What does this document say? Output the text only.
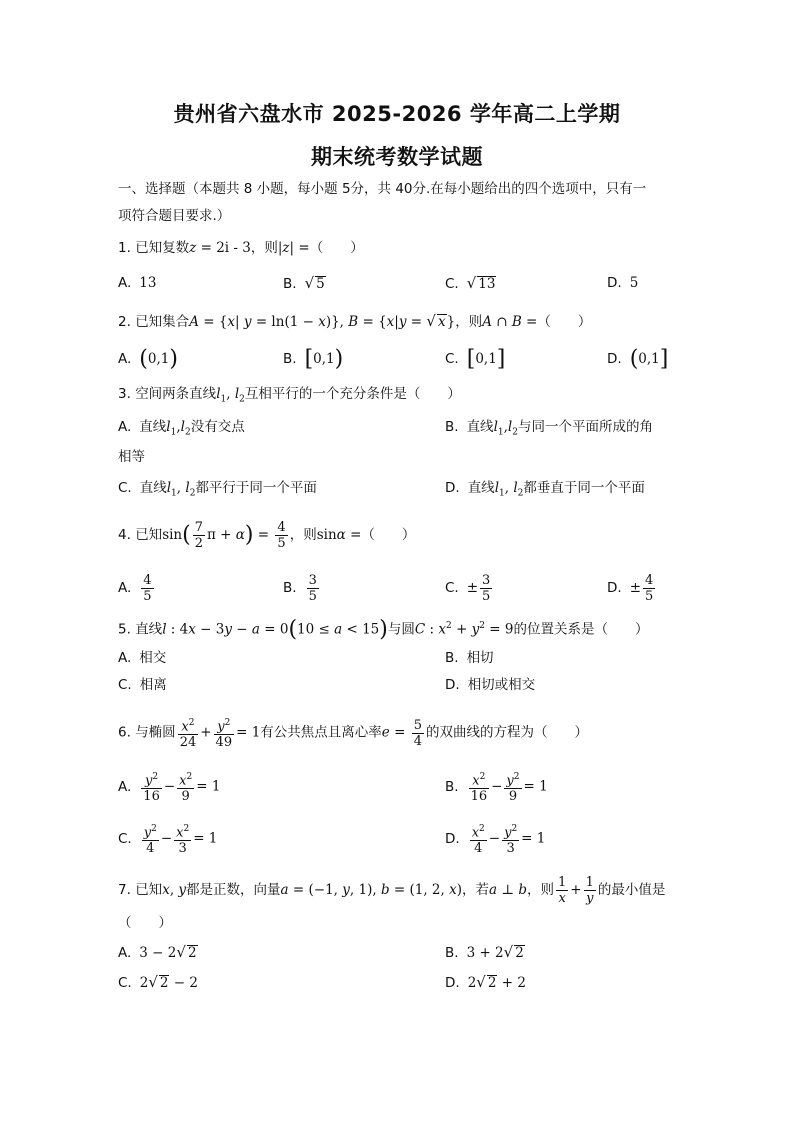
贵州省六盘水市 2025-2026 学年高二上学期
期末统考数学试题
一、选择题（本题共 8 小题，每小题 5分，共 40分.在每小题给出的四个选项中，只有一
项符合题目要求.）
1. 已知复数z = 2i - 3，则|z| =（　　）
A. 13	B. √ 5	C. √ 13	D. 5
2. 已知集合A = {x| y = ln(1 − x)}, B = {x|y = √ x}，则A ∩ B =（　　）
A. (0,1)	B. [0,1)	C. [0,1]	D. (0,1]
3. 空间两条直线$l_1$, $l_2$互相平行的一个充分条件是（　　）
A. 直线$l_1,l_2$没有交点	B. 直线$l_1,l_2$与同一个平面所成的角
相等
C. 直线$l_1$, $l_2$都平行于同一个平面	D. 直线$l_1$, $l_2$都垂直于同一个平面
4. 已知$\sin( \frac{7}{2}$ $\pi + \alpha) = \frac{4}{5}$ ，则sinα =（　　）
A. $\frac{4}{5}$	B. $\frac{3}{5}$	C. ± $\frac{3}{5}$	D. ± $\frac{4}{5}$
5. 直线l : 4x − 3y − a = 0(10 ≤ a < 15)与圆C : $x^2 + y^2 = 9$的位置关系是（　　）
A. 相交	B. 相切
C. 相离	D. 相切或相交
6. 与椭圆 $\frac{x^2}{24} + \frac{y^2}{49} = 1$有公共焦点且离心率$e = \frac{5}{4}$ 的双曲线的方程为（　　）
A. $\frac{y^2}{16} - \frac{x^2}{9} = 1$	B. $\frac{x^2}{16} - \frac{y^2}{9} = 1$
C. $\frac{y^2}{4} - \frac{x^2}{3} = 1$	D. $\frac{x^2}{4} - \frac{y^2}{3} = 1$
7. 已知x, y都是正数，向量a = (−1, y, 1), b = (1, 2, x)，若a ⊥ b，则 $\frac{1}{x} + \frac{1}{y}$ 的最小值是
（　　）
A. 3 − 2√ 2	B. 3 + 2√ 2
C. 2√ 2 − 2	D. 2√ 2 + 2
